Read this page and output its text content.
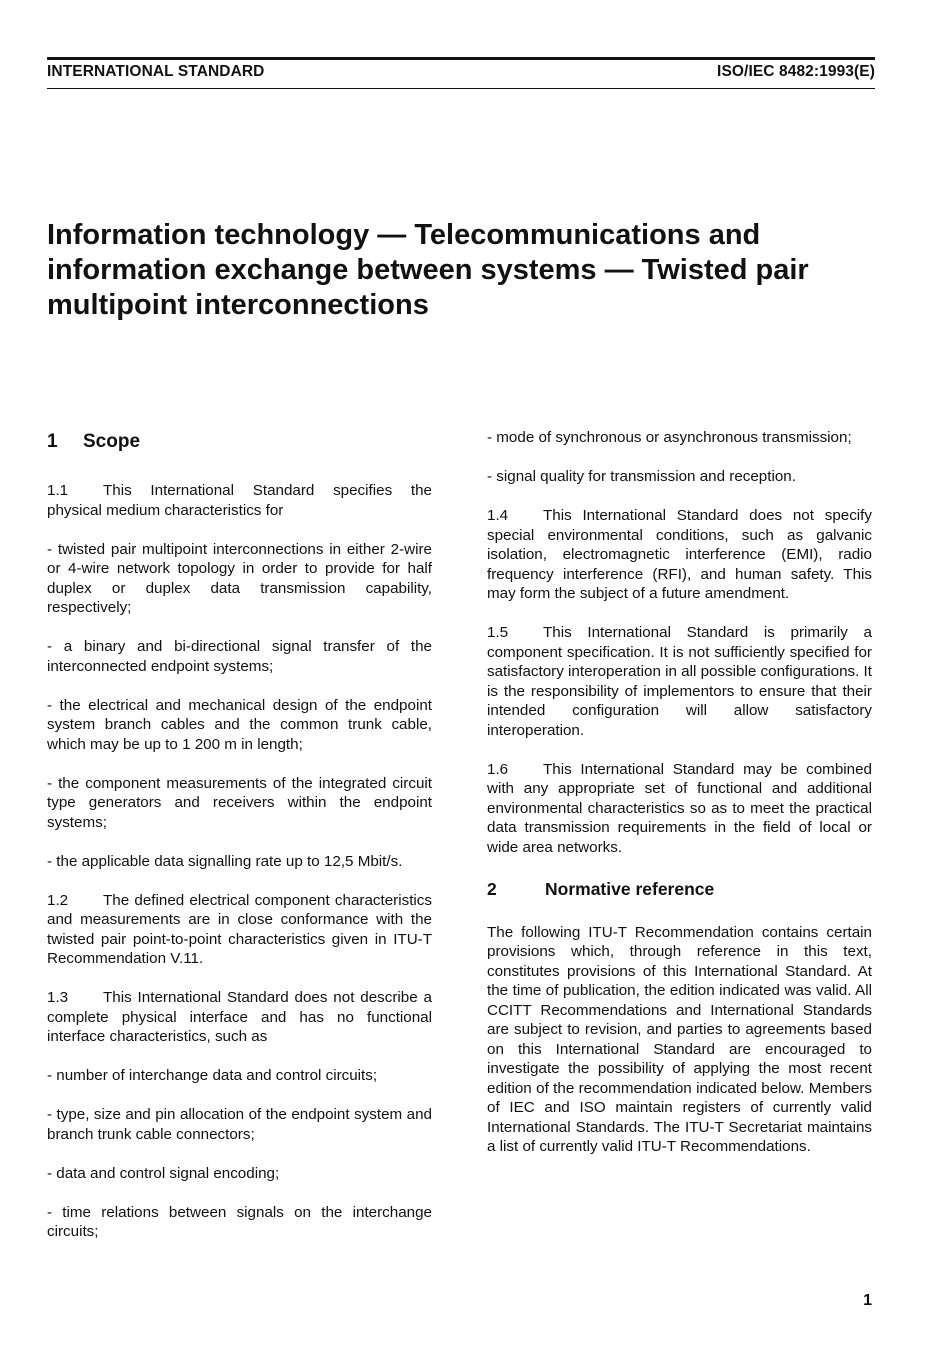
INTERNATIONAL STANDARD	ISO/IEC 8482:1993(E)
Information technology — Telecommunications and
information exchange between systems — Twisted pair
multipoint interconnections
1 Scope

1.1 This International Standard specifies the physical medium characteristics for

- twisted pair multipoint interconnections in either 2-wire or 4-wire network topology in order to provide for half duplex or duplex data transmission capability, respectively;

- a binary and bi-directional signal transfer of the interconnected endpoint systems;

- the electrical and mechanical design of the endpoint system branch cables and the common trunk cable, which may be up to 1 200 m in length;

- the component measurements of the integrated circuit type generators and receivers within the endpoint systems;

- the applicable data signalling rate up to 12,5 Mbit/s.

1.2 The defined electrical component characteristics and measurements are in close conformance with the twisted pair point-to-point characteristics given in ITU-T Recommendation V.11.

1.3 This International Standard does not describe a complete physical interface and has no functional interface characteristics, such as

- number of interchange data and control circuits;

- type, size and pin allocation of the endpoint system and branch trunk cable connectors;

- data and control signal encoding;

- time relations between signals on the interchange circuits;

- mode of synchronous or asynchronous transmission;

- signal quality for transmission and reception.

1.4 This International Standard does not specify special environmental conditions, such as galvanic isolation, electromagnetic interference (EMI), radio frequency interference (RFI), and human safety. This may form the subject of a future amendment.

1.5 This International Standard is primarily a component specification. It is not sufficiently specified for satisfactory interoperation in all possible configurations. It is the responsibility of implementors to ensure that their intended configuration will allow satisfactory interoperation.

1.6 This International Standard may be combined with any appropriate set of functional and additional environmental characteristics so as to meet the practical data transmission requirements in the field of local or wide area networks.

2	Normative reference

The following ITU-T Recommendation contains certain provisions which, through reference in this text, constitutes provisions of this International Standard. At the time of publication, the edition indicated was valid. All CCITT Recommendations and International Standards are subject to revision, and parties to agreements based on this International Standard are encouraged to investigate the possibility of applying the most recent edition of the recommendation indicated below. Members of IEC and ISO maintain registers of currently valid International Standards. The ITU-T Secretariat maintains a list of currently valid ITU-T Recommendations.

1
